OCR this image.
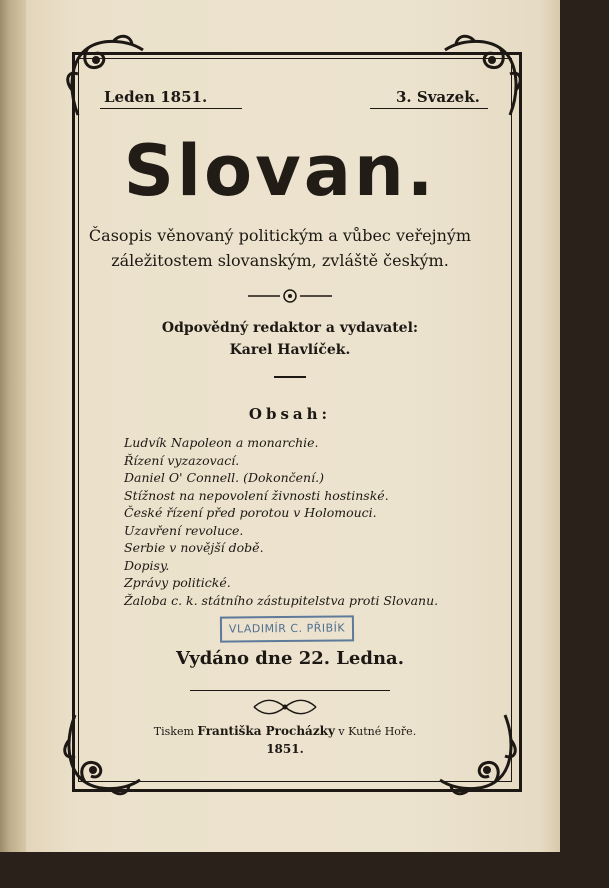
Leden 1851.	3. Svazek.
Slovan.
Časopis věnovaný politickým a vůbec veřejným
záležitostem slovanským, zvláště českým.
Odpovědný redaktor a vydavatel:
Karel Havlíček.
Obsah:
Ludvík Napoleon a monarchie.
Řízení vyzazovací.
Daniel O' Connell. (Dokončení.)
Stížnost na nepovolení živnosti hostinské.
České řízení před porotou v Holomouci.
Uzavření revoluce.
Serbie v novější době.
Dopisy.
Zprávy politické.
Žaloba c. k. státního zástupitelstva proti Slovanu.
VLADIMÍR C. PŘIBÍK
Vydáno dne 22. Ledna.
Tiskem Františka Procházky v Kutné Hoře.
1851.
